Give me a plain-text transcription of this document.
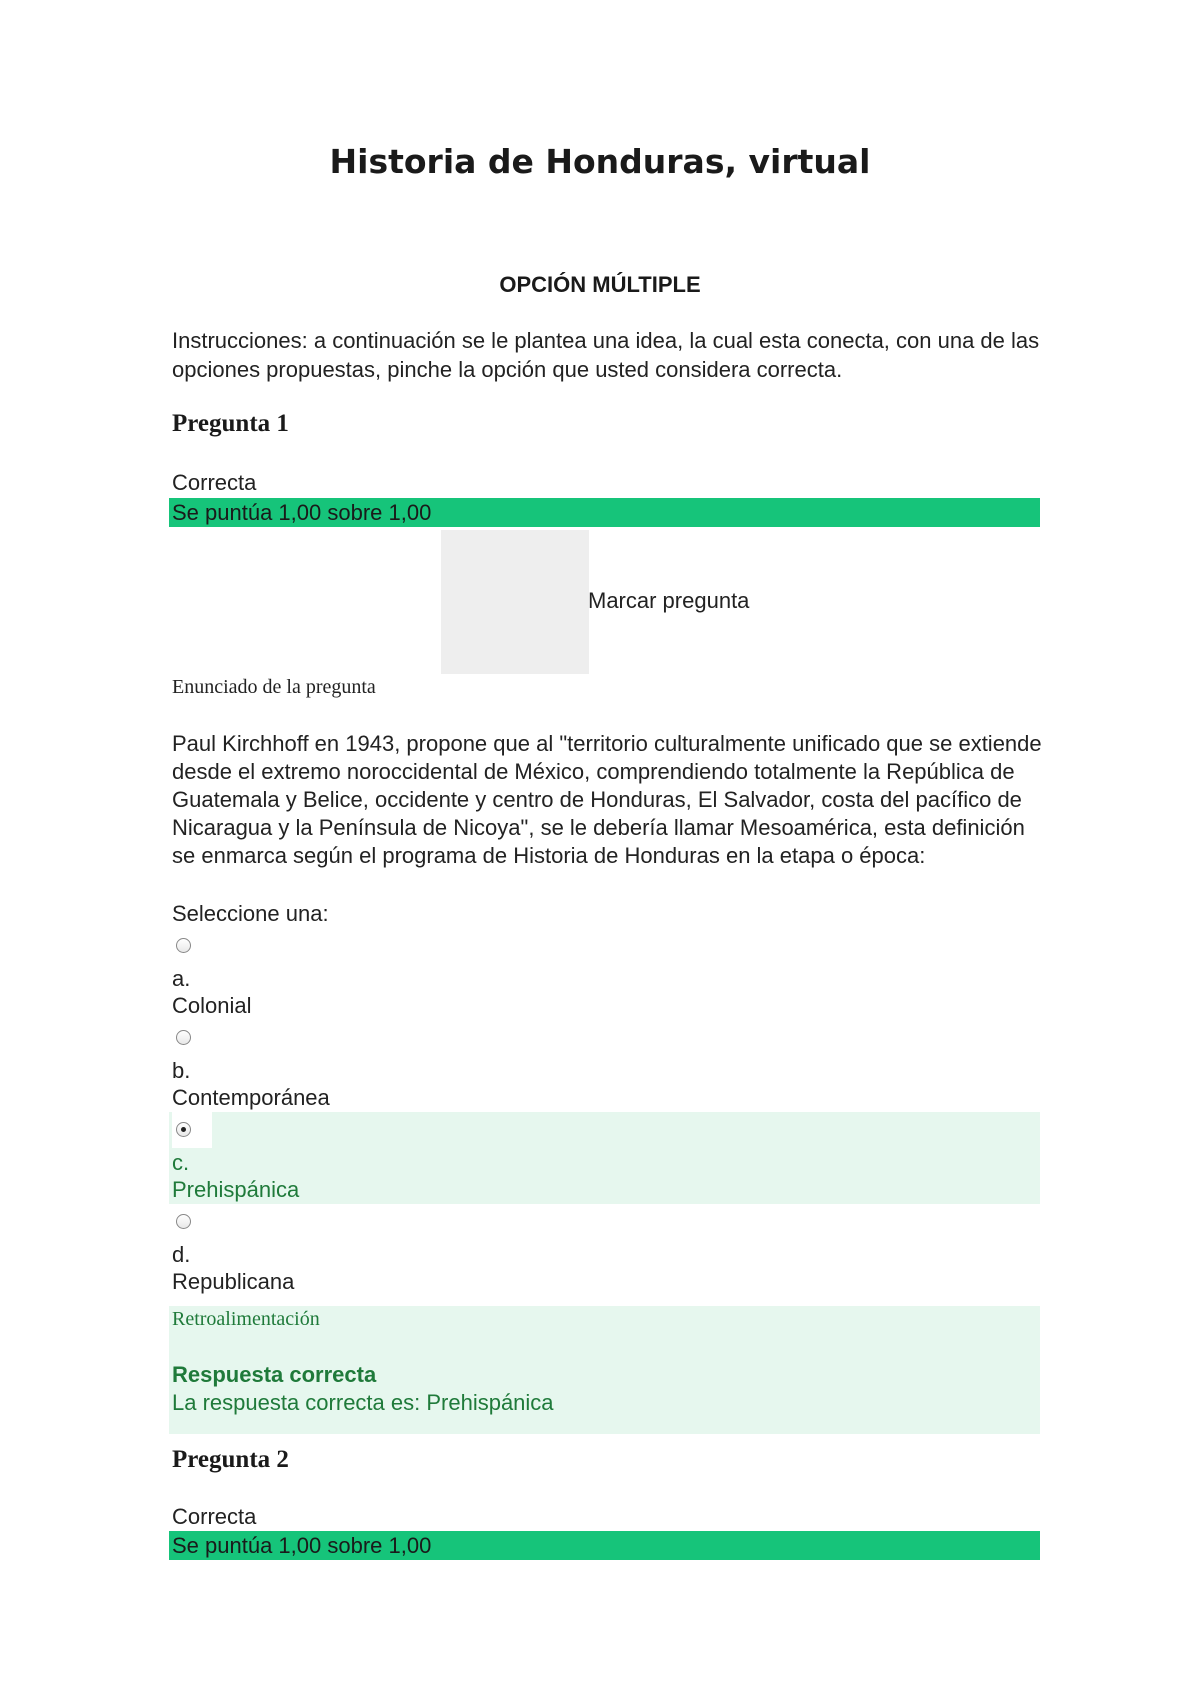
Historia de Honduras, virtual
OPCIÓN MÚLTIPLE

Instrucciones: a continuación se le plantea una idea, la cual esta conecta, con una de las opciones propuestas, pinche la opción que usted considera correcta.

Pregunta 1
Correcta
Se puntúa 1,00 sobre 1,00
Marcar pregunta
Enunciado de la pregunta

Paul Kirchhoff en 1943, propone que al "territorio culturalmente unificado que se extiende desde el extremo noroccidental de México, comprendiendo totalmente la República de Guatemala y Belice, occidente y centro de Honduras, El Salvador, costa del pacífico de Nicaragua y la Península de Nicoya", se le debería llamar Mesoamérica, esta definición se enmarca según el programa de Historia de Honduras en la etapa o época:

Seleccione una:
a.
Colonial
b.
Contemporánea
c.
Prehispánica
d.
Republicana
Retroalimentación
Respuesta correcta
La respuesta correcta es: Prehispánica
Pregunta 2
Correcta
Se puntúa 1,00 sobre 1,00
